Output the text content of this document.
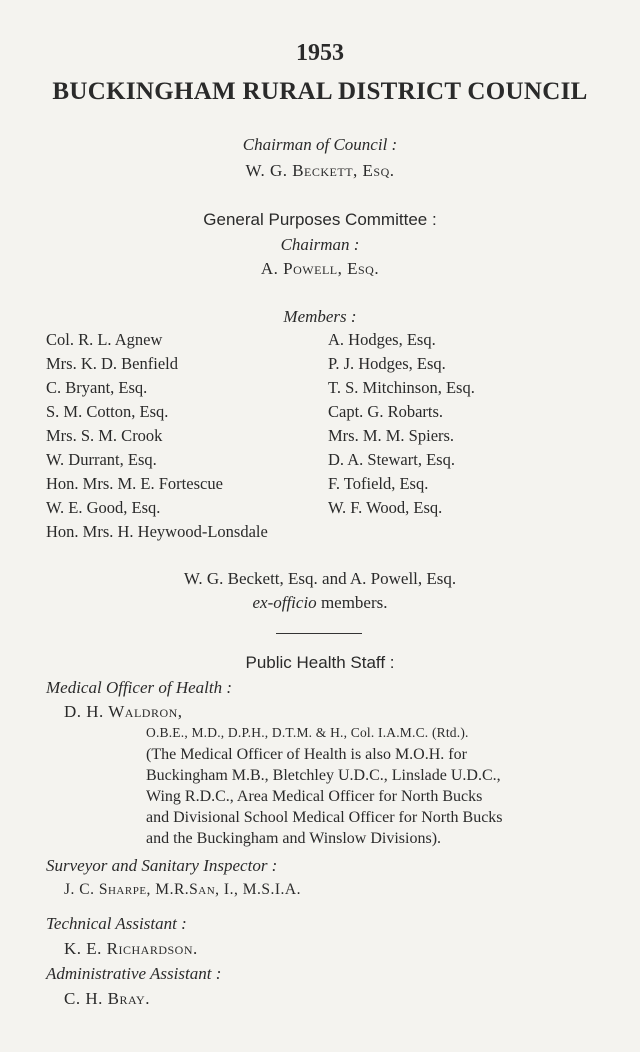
1953
BUCKINGHAM RURAL DISTRICT COUNCIL
Chairman of Council :
W. G. Beckett, Esq.
General Purposes Committee :
Chairman :
A. Powell, Esq.
Members :
Col. R. L. Agnew
Mrs. K. D. Benfield
C. Bryant, Esq.
S. M. Cotton, Esq.
Mrs. S. M. Crook
W. Durrant, Esq.
Hon. Mrs. M. E. Fortescue
W. E. Good, Esq.
Hon. Mrs. H. Heywood-Lonsdale
A. Hodges, Esq.
P. J. Hodges, Esq.
T. S. Mitchinson, Esq.
Capt. G. Robarts.
Mrs. M. M. Spiers.
D. A. Stewart, Esq.
F. Tofield, Esq.
W. F. Wood, Esq.
W. G. Beckett, Esq. and A. Powell, Esq.
ex-officio members.
Public Health Staff :
Medical Officer of Health :
D. H. Waldron,
O.B.E., M.D., D.P.H., D.T.M. & H., Col. I.A.M.C. (Rtd.).
(The Medical Officer of Health is also M.O.H. for
Buckingham M.B., Bletchley U.D.C., Linslade U.D.C.,
Wing R.D.C., Area Medical Officer for North Bucks
and Divisional School Medical Officer for North Bucks
and the Buckingham and Winslow Divisions).
Surveyor and Sanitary Inspector :
J. C. Sharpe, M.R.San, I., M.S.I.A.
Technical Assistant :
K. E. Richardson.
Administrative Assistant :
C. H. Bray.
